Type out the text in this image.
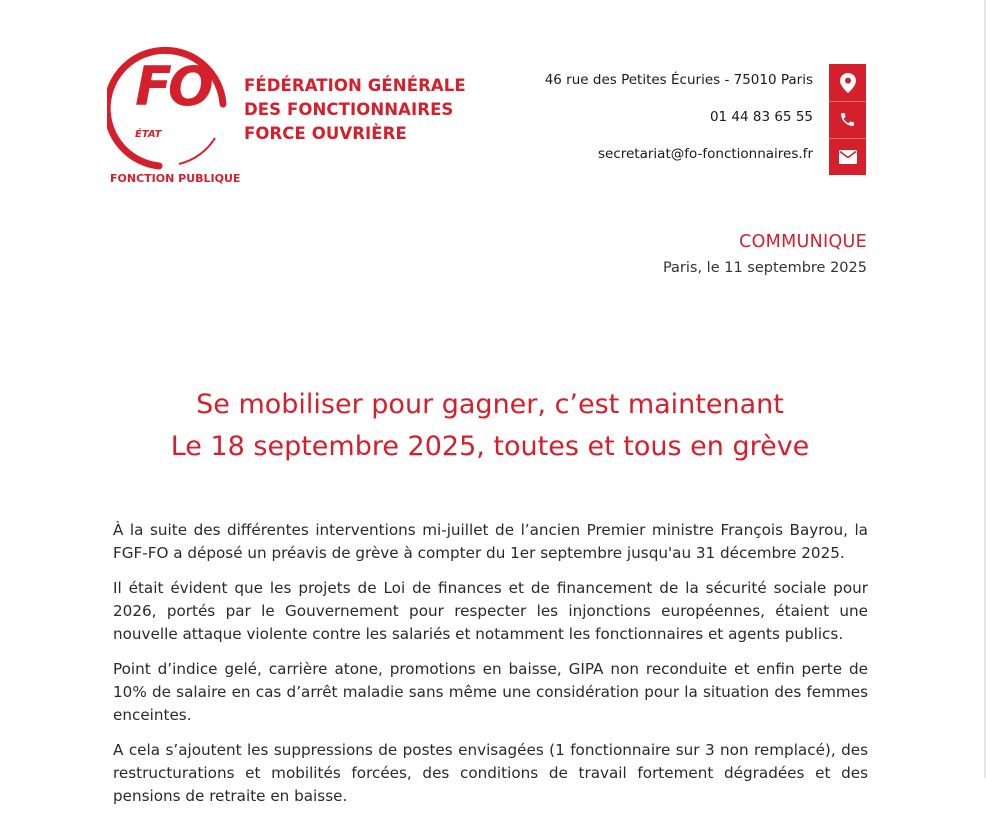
FO
ÉTAT
FONCTION PUBLIQUE
FÉDÉRATION GÉNÉRALE
DES FONCTIONNAIRES
FORCE OUVRIÈRE
46 rue des Petites Écuries - 75010 Paris
01 44 83 65 55
secretariat@fo-fonctionnaires.fr
COMMUNIQUE
Paris, le 11 septembre 2025
Se mobiliser pour gagner, c’est maintenant
Le 18 septembre 2025, toutes et tous en grève

À la suite des différentes interventions mi-juillet de l’ancien Premier ministre François Bayrou, la FGF-FO a déposé un préavis de grève à compter du 1er septembre jusqu'au 31 décembre 2025.

Il était évident que les projets de Loi de finances et de financement de la sécurité sociale pour 2026, portés par le Gouvernement pour respecter les injonctions européennes, étaient une nouvelle attaque violente contre les salariés et notamment les fonctionnaires et agents publics.

Point d’indice gelé, carrière atone, promotions en baisse, GIPA non reconduite et enfin perte de 10% de salaire en cas d’arrêt maladie sans même une considération pour la situation des femmes enceintes.

A cela s’ajoutent les suppressions de postes envisagées (1 fonctionnaire sur 3 non remplacé), des restructurations et mobilités forcées, des conditions de travail fortement dégradées et des pensions de retraite en baisse.
